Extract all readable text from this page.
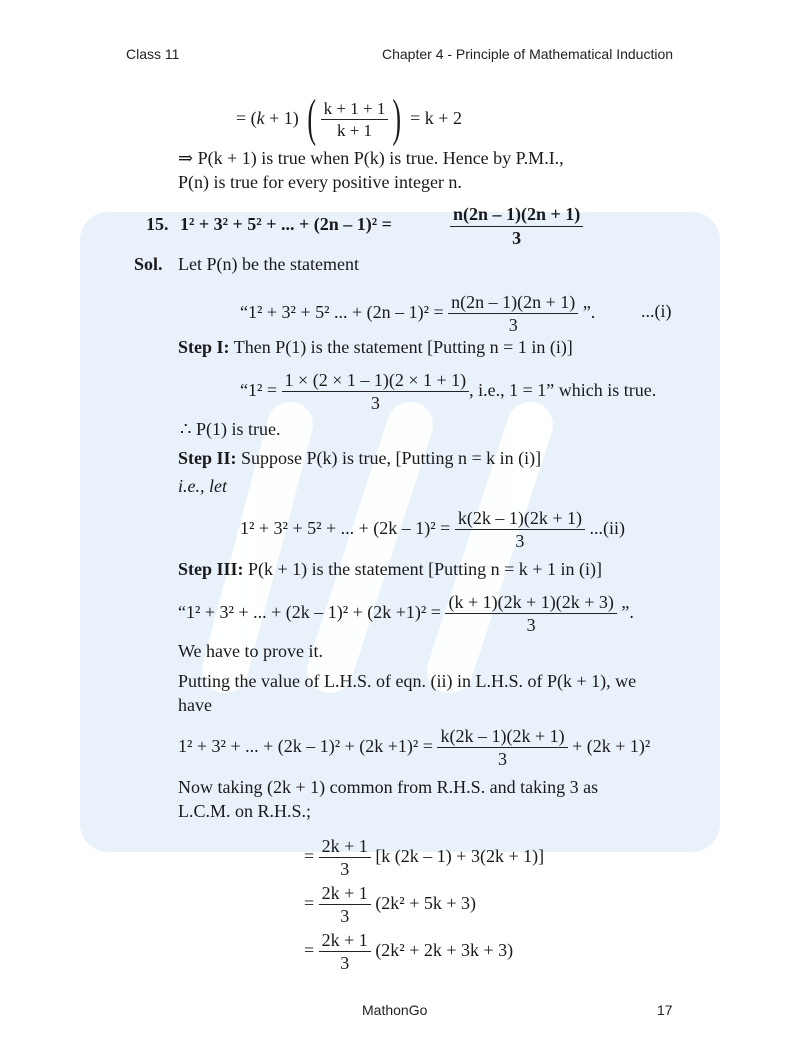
Class 11	Chapter 4 - Principle of Mathematical Induction
= (k + 1) ( $\frac{k + 1 + 1}{k + 1}$ ) = k + 2
⇒ P(k + 1) is true when P(k) is true. Hence by P.M.I.,
P(n) is true for every positive integer n.
15. 1² + 3² + 5² + ... + (2n – 1)² =	$\frac{n(2n - 1)(2n + 1)}{3}$
Sol. Let P(n) be the statement
“1² + 3² + 5² ... + $(2n - 1)^2 = \frac{n(2n - 1)(2n + 1)}{3}$ ”.	...(i)
Step I: Then P(1) is the statement [Putting n = 1 in (i)]
“$1^2 = \frac{1 \times (2 \times 1 - 1)(2 \times 1 + 1)}{3}$ , i.e., 1 = 1” which is true.
∴ P(1) is true.
Step II: Suppose P(k) is true, [Putting n = k in (i)]
i.e., let
1² + 3² + 5² + ... + $(2k - 1)^2 = \frac{k(2k - 1)(2k + 1)}{3} ...(ii)$
Step III: P(k + 1) is the statement [Putting n = k + 1 in (i)]
“1² + 3² + ... + $(2k - 1)^2 + (2k +1)^2 = \frac{(k + 1)(2k + 1)(2k + 3)}{3}$ ”.
We have to prove it.
Putting the value of L.H.S. of eqn. (ii) in L.H.S. of P(k + 1), we
have
1² + 3² + ... + $(2k - 1)^2 + (2k +1)^2 = \frac{k(2k - 1)(2k + 1)}{3} + (2k + 1)^2$
Now taking (2k + 1) common from R.H.S. and taking 3 as
L.C.M. on R.H.S.;
= $\frac{2k + 1}{3} [k$ (2k – 1) + 3(2k + 1)]
= $\frac{2k + 1}{3} (2k^2 + 5k + 3)$
= $\frac{2k + 1}{3} (2k^2 + 2k + 3k + 3)$
MathonGo	17
